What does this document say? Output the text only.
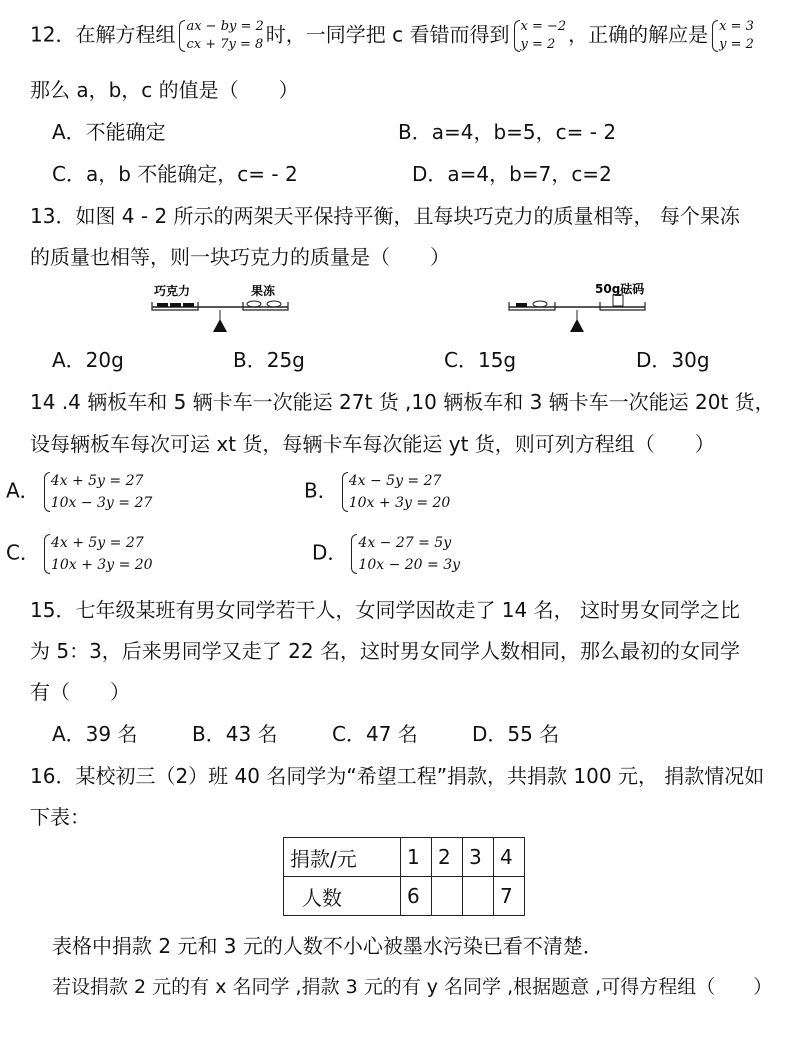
12．在解方程组 ax − by = 2
cx + 7y = 8 时，一同学把 c 看错而得到 x = −2
y = 2 ，正确的解应是 x = 3
y = 2
那么 a，b，c 的值是（　　）
A．不能确定	B．a=4，b=5，c= - 2
C．a，b 不能确定，c= - 2	D．a=4，b=7，c=2
13．如图 4 - 2 所示的两架天平保持平衡，且每块巧克力的质量相等， 每个果冻
的质量也相等，则一块巧克力的质量是（　　）
巧克力	果冻	50g砝码
A．20g	B．25g	C．15g	D．30g
14 .4 辆板车和 5 辆卡车一次能运 27t 货 ,10 辆板车和 3 辆卡车一次能运 20t 货，
设每辆板车每次可运 xt 货，每辆卡车每次能运 yt 货，则可列方程组（　　）
A． 4x + 5y = 27
10x − 3y = 27
B． 4x − 5y = 27
10x + 3y = 20
C． 4x + 5y = 27
10x + 3y = 20
D． 4x − 27 = 5y
10x − 20 = 3y
15．七年级某班有男女同学若干人，女同学因故走了 14 名， 这时男女同学之比
为 5：3，后来男同学又走了 22 名，这时男女同学人数相同，那么最初的女同学
有（　　）
A．39 名	B．43 名	C．47 名	D．55 名
16．某校初三（2）班 40 名同学为“希望工程”捐款，共捐款 100 元， 捐款情况如
下表：
捐款/元	1	2	3	4
人数	6			7
表格中捐款 2 元和 3 元的人数不小心被墨水污染已看不清楚．
若设捐款 2 元的有 x 名同学 ,捐款 3 元的有 y 名同学 ,根据题意 ,可得方程组（　　）
